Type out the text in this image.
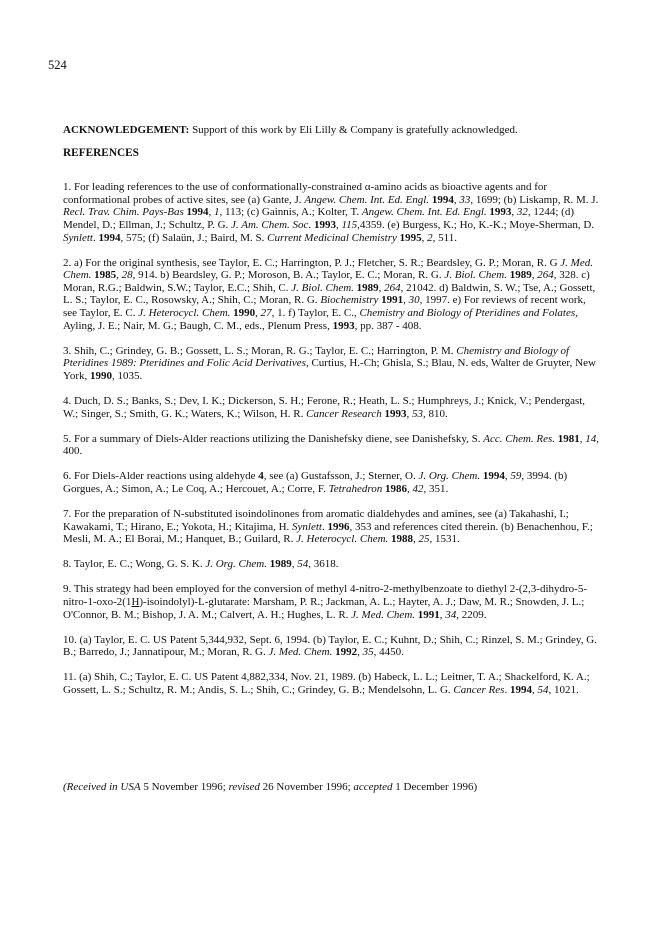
524

ACKNOWLEDGEMENT: Support of this work by Eli Lilly & Company is gratefully acknowledged.

REFERENCES

1. For leading references to the use of conformationally-constrained α-amino acids as bioactive agents and for conformational probes of active sites, see (a) Gante, J. Angew. Chem. Int. Ed. Engl. 1994, 33, 1699; (b) Liskamp, R. M. J. Recl. Trav. Chim. Pays-Bas 1994, 1, 113; (c) Gainnis, A.; Kolter, T. Angew. Chem. Int. Ed. Engl. 1993, 32, 1244; (d) Mendel, D.; Ellman, J.; Schultz, P. G. J. Am. Chem. Soc. 1993, 115,4359. (e) Burgess, K.; Ho, K.-K.; Moye-Sherman, D. Synlett. 1994, 575; (f) Salaün, J.; Baird, M. S. Current Medicinal Chemistry 1995, 2, 511.

2. a) For the original synthesis, see Taylor, E. C.; Harrington, P. J.; Fletcher, S. R.; Beardsley, G. P.; Moran, R. G J. Med. Chem. 1985, 28, 914. b) Beardsley, G. P.; Moroson, B. A.; Taylor, E. C.; Moran, R. G. J. Biol. Chem. 1989, 264, 328. c) Moran, R.G.; Baldwin, S.W.; Taylor, E.C.; Shih, C. J. Biol. Chem. 1989, 264, 21042. d) Baldwin, S. W.; Tse, A.; Gossett, L. S.; Taylor, E. C., Rosowsky, A.; Shih, C.; Moran, R. G. Biochemistry 1991, 30, 1997. e) For reviews of recent work, see Taylor, E. C. J. Heterocycl. Chem. 1990, 27, 1. f) Taylor, E. C., Chemistry and Biology of Pteridines and Folates, Ayling, J. E.; Nair, M. G.; Baugh, C. M., eds., Plenum Press, 1993, pp. 387 - 408.

3. Shih, C.; Grindey, G. B.; Gossett, L. S.; Moran, R. G.; Taylor, E. C.; Harrington, P. M. Chemistry and Biology of Pteridines 1989: Pteridines and Folic Acid Derivatives, Curtius, H.-Ch; Ghisla, S.; Blau, N. eds, Walter de Gruyter, New York, 1990, 1035.

4. Duch, D. S.; Banks, S.; Dev, I. K.; Dickerson, S. H.; Ferone, R.; Heath, L. S.; Humphreys, J.; Knick, V.; Pendergast, W.; Singer, S.; Smith, G. K.; Waters, K.; Wilson, H. R. Cancer Research 1993, 53, 810.

5. For a summary of Diels-Alder reactions utilizing the Danishefsky diene, see Danishefsky, S. Acc. Chem. Res. 1981, 14, 400.

6. For Diels-Alder reactions using aldehyde 4, see (a) Gustafsson, J.; Sterner, O. J. Org. Chem. 1994, 59, 3994. (b) Gorgues, A.; Simon, A.; Le Coq, A.; Hercouet, A.; Corre, F. Tetrahedron 1986, 42, 351.

7. For the preparation of N-substituted isoindolinones from aromatic dialdehydes and amines, see (a) Takahashi, I.; Kawakami, T.; Hirano, E.; Yokota, H.; Kitajima, H. Synlett. 1996, 353 and references cited therein. (b) Benachenhou, F.; Mesli, M. A.; El Borai, M.; Hanquet, B.; Guilard, R. J. Heterocycl. Chem. 1988, 25, 1531.

8. Taylor, E. C.; Wong, G. S. K. J. Org. Chem. 1989, 54, 3618.

9. This strategy had been employed for the conversion of methyl 4-nitro-2-methylbenzoate to diethyl 2-(2,3-dihydro-5-nitro-1-oxo-2(1H)-isoindolyl)-L-glutarate: Marsham, P. R.; Jackman, A. L.; Hayter, A. J.; Daw, M. R.; Snowden, J. L.; O'Connor, B. M.; Bishop, J. A. M.; Calvert, A. H.; Hughes, L. R. J. Med. Chem. 1991, 34, 2209.

10. (a) Taylor, E. C. US Patent 5,344,932, Sept. 6, 1994. (b) Taylor, E. C.; Kuhnt, D.; Shih, C.; Rinzel, S. M.; Grindey, G. B.; Barredo, J.; Jannatipour, M.; Moran, R. G. J. Med. Chem. 1992, 35, 4450.

11. (a) Shih, C.; Taylor, E. C. US Patent 4,882,334, Nov. 21, 1989. (b) Habeck, L. L.; Leitner, T. A.; Shackelford, K. A.; Gossett, L. S.; Schultz, R. M.; Andis, S. L.; Shih, C.; Grindey, G. B.; Mendelsohn, L. G. Cancer Res. 1994, 54, 1021.

(Received in USA 5 November 1996; revised 26 November 1996; accepted 1 December 1996)
